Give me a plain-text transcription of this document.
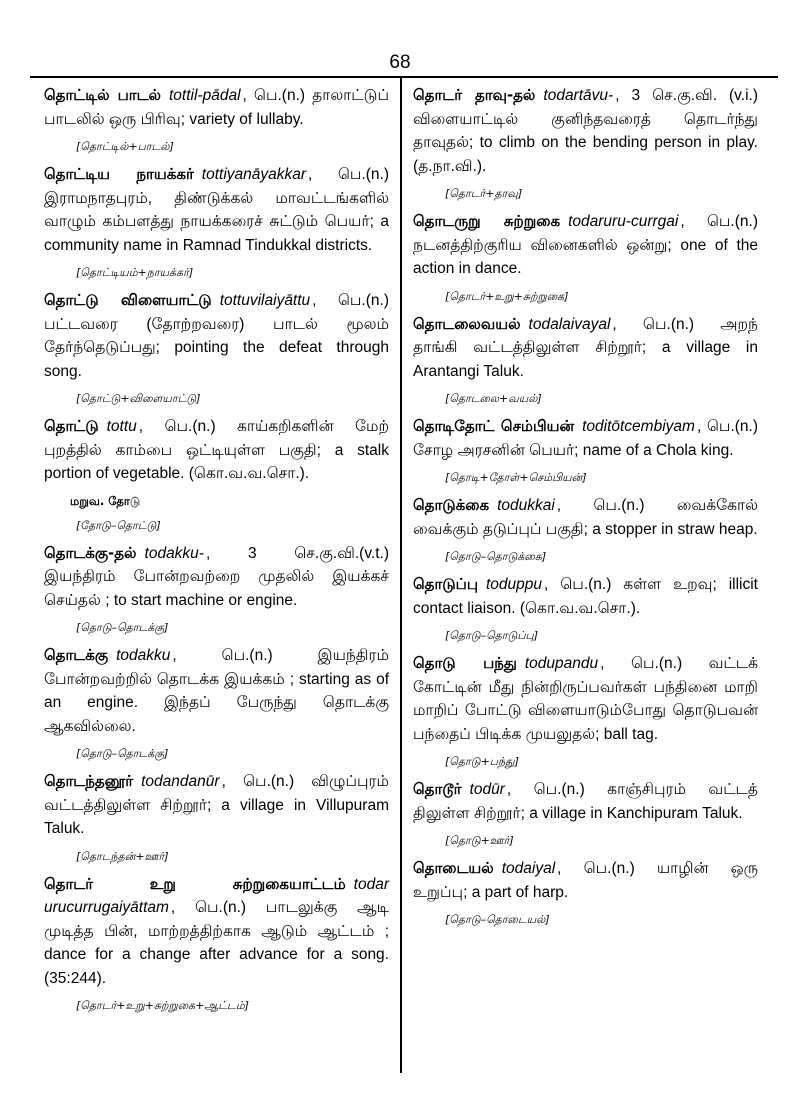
68

தொட்டில் பாடல் tottil-pādal , பெ.(n.) தாலாட்டுப் பாடலில் ஒரு பிரிவு; variety of lullaby.

[தொட்டில்+பாடல்]

தொட்டிய நாயக்கர் tottiyanāyakkar , பெ.(n.) இராமநாதபுரம், திண்டுக்கல் மாவட்டங்களில் வாழும் கம்பளத்து நாயக்கரைச் சுட்டும் பெயர்; a community name in Ramnad Tindukkal districts.

[தொட்டியம்+நாயக்கர்]

தொட்டு விளையாட்டு tottuvilaiyāttu , பெ.(n.) பட்டவரை (தோற்றவரை) பாடல் மூலம் தேர்ந்தெடுப்பது; pointing the defeat through song.

[தொட்டு+விளையாட்டு]

தொட்டு tottu , பெ.(n.) காய்கறிகளின் மேற் புறத்தில் காம்பை ஒட்டியுள்ள பகுதி; a stalk portion of vegetable. (கொ.வ.வ.சொ.).

மறுவ. தோடு
[தோடு–தொட்டு]

தொடக்கு-தல் todakku- , 3 செ.கு.வி.(v.t.) இயந்திரம் போன்றவற்றை முதலில் இயக்கச் செய்தல் ; to start machine or engine.

[தொடு–தொடக்கு]

தொடக்கு todakku , பெ.(n.) இயந்திரம் போன்றவற்றில் தொடக்க இயக்கம் ; starting as of an engine. இந்தப் பேருந்து தொடக்கு ஆகவில்லை.

[தொடு–தொடக்கு]

தொடந்தனூர் todandanūr , பெ.(n.) விழுப்புரம் வட்டத்திலுள்ள சிற்றூர்; a village in Villupuram Taluk.

[தொடந்தன்+ஊர்]

தொடர் உறு சுற்றுகையாட்டம் todar urucurrugaiyāttam , பெ.(n.) பாடலுக்கு ஆடி முடித்த பின், மாற்றத்திற்காக ஆடும் ஆட்டம் ; dance for a change after advance for a song. (35:244).

[தொடர்+உறு+சுற்றுகை+ஆட்டம்]

தொடர் தாவு-தல் todartāvu- , 3 செ.கு.வி. (v.i.) விளையாட்டில் குனிந்தவரைத் தொடர்ந்து தாவுதல்; to climb on the bending person in play. (த.நா.வி.).

[தொடர்+தாவு]

தொடருறு சுற்றுகை todaruru-currgai , பெ.(n.) நடனத்திற்குரிய வினைகளில் ஒன்று; one of the action in dance.

[தொடர்+உறு+சுற்றுகை]

தொடலைவயல் todalaivayal , பெ.(n.) அறந் தாங்கி வட்டத்திலுள்ள சிற்றூர்; a village in Arantangi Taluk.

[தொடலை+வயல்]

தொடிதோட் செம்பியன் toditōtcembiyam , பெ.(n.) சோழ அரசனின் பெயர்; name of a Chola king.

[தொடி+தோள்+செம்பியன்]

தொடுக்கை todukkai , பெ.(n.) வைக்கோல் வைக்கும் தடுப்புப் பகுதி; a stopper in straw heap.

[தொடு–தொடுக்கை]

தொடுப்பு toduppu , பெ.(n.) கள்ள உறவு; illicit contact liaison. (கொ.வ.வ.சொ.).

[தொடு–தொடுப்பு]

தொடு பந்து todupandu , பெ.(n.) வட்டக் கோட்டின் மீது நின்றிருப்பவர்கள் பந்தினை மாறி மாறிப் போட்டு விளையாடும்போது தொடுபவன் பந்தைப் பிடிக்க முயலுதல்; ball tag.

[தொடு+பந்து]

தொடூர் todūr , பெ.(n.) காஞ்சிபுரம் வட்டத் திலுள்ள சிற்றூர்; a village in Kanchipuram Taluk.

[தொடு+ஊர்]

தொடையல் todaiyal , பெ.(n.) யாழின் ஒரு உறுப்பு; a part of harp.

[தொடு–தொடையல்]
